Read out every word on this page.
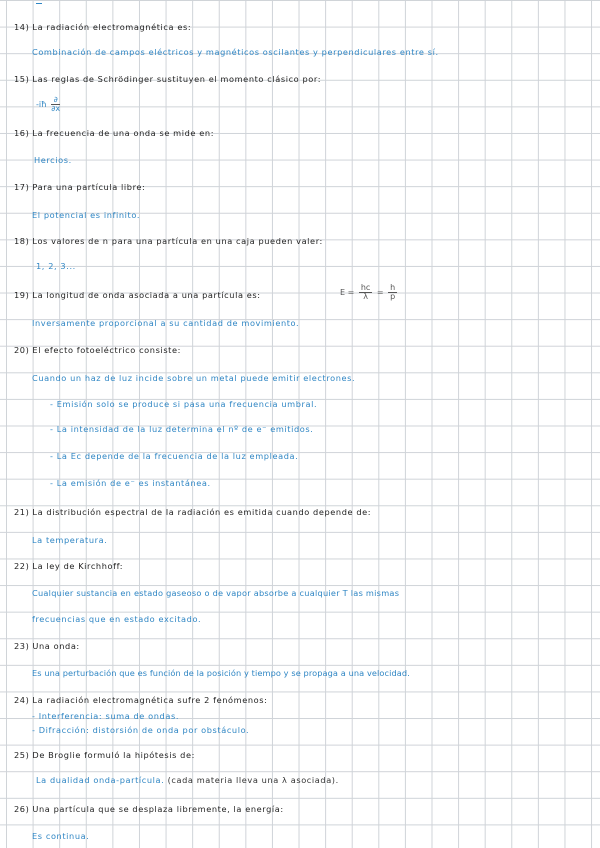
14) La radiación electromagnética es:
Combinación de campos eléctricos y magnéticos oscilantes y perpendiculares entre sí.
15) Las reglas de Schrödinger sustituyen el momento clásico por:
-iħ $\frac{\partial}{\partial x}$
16) La frecuencia de una onda se mide en:
Hercios.
17) Para una partícula libre:
El potencial es infinito.
18) Los valores de n para una partícula en una caja pueden valer:
1, 2, 3...
19) La longitud de onda asociada a una partícula es:	$E = \frac{hc}{\lambda} = \frac{h}{p}$
Inversamente proporcional a su cantidad de movimiento.
20) El efecto fotoeléctrico consiste:
Cuando un haz de luz incide sobre un metal puede emitir electrones.
- Emisión solo se produce si pasa una frecuencia umbral.
- La intensidad de la luz determina el nº de e⁻ emitidos.
- La Ec depende de la frecuencia de la luz empleada.
- La emisión de e⁻ es instantánea.
21) La distribución espectral de la radiación es emitida cuando depende de:
La temperatura.
22) La ley de Kirchhoff:
Cualquier sustancia en estado gaseoso o de vapor absorbe a cualquier T las mismas
frecuencias que en estado excitado.
23) Una onda:
Es una perturbación que es función de la posición y tiempo y se propaga a una velocidad.
24) La radiación electromagnética sufre 2 fenómenos:
- Interferencia: suma de ondas.
- Difracción: distorsión de onda por obstáculo.
25) De Broglie formuló la hipótesis de:
La dualidad onda-partícula. (cada materia lleva una λ asociada).
26) Una partícula que se desplaza libremente, la energía:
Es continua.
